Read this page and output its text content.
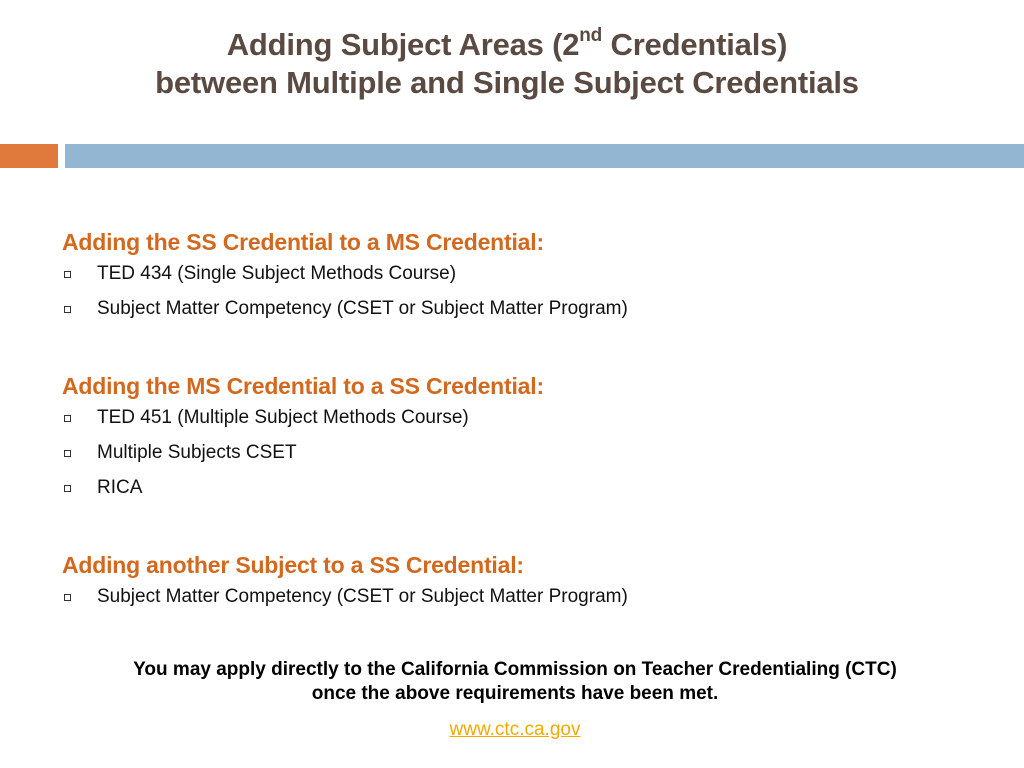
Adding Subject Areas (2nd Credentials)
between Multiple and Single Subject Credentials

Adding the SS Credential to a MS Credential:

TED 434 (Single Subject Methods Course)
Subject Matter Competency (CSET or Subject Matter Program)

Adding the MS Credential to a SS Credential:

TED 451 (Multiple Subject Methods Course)
Multiple Subjects CSET
RICA

Adding another Subject to a SS Credential:

Subject Matter Competency (CSET or Subject Matter Program)
You may apply directly to the California Commission on Teacher Credentialing (CTC)
once the above requirements have been met.
www.ctc.ca.gov
